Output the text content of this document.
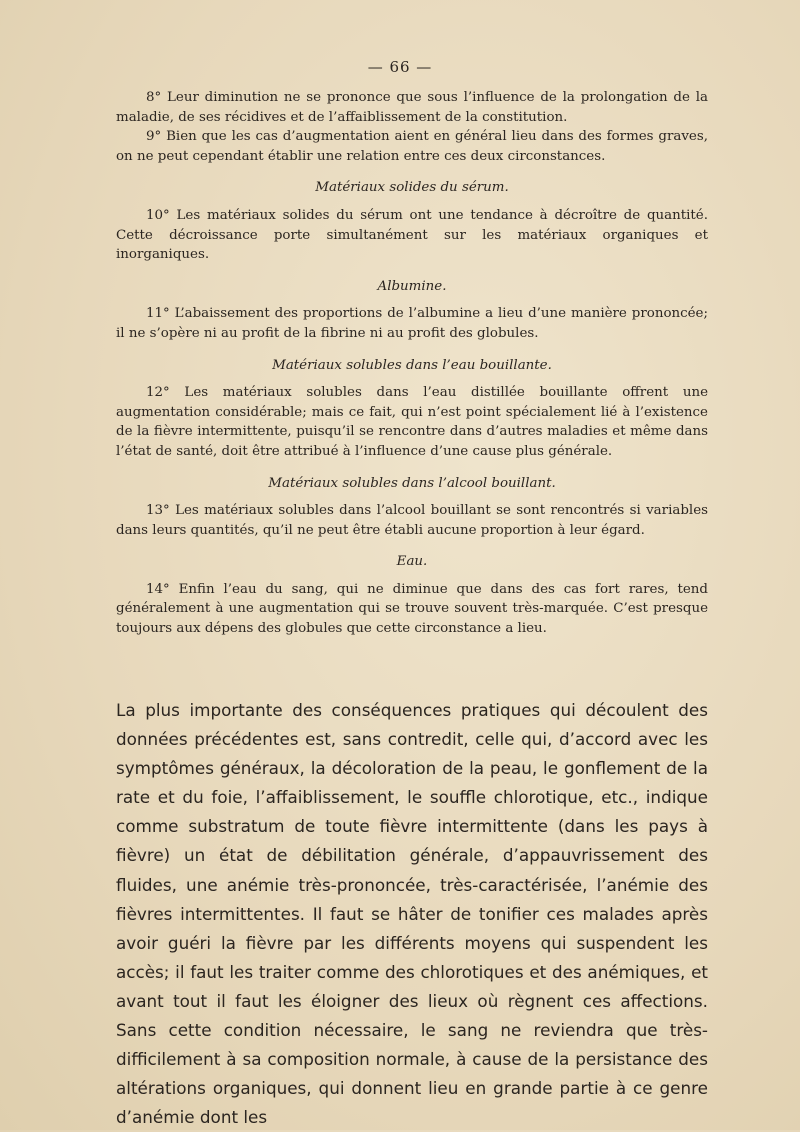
— 66 —

8° Leur diminution ne se prononce que sous l’influence de la prolongation de la maladie, de ses récidives et de l’affaiblissement de la constitution.

9° Bien que les cas d’augmentation aient en général lieu dans des formes graves, on ne peut cependant établir une relation entre ces deux circonstances.

Matériaux solides du sérum.

10° Les matériaux solides du sérum ont une tendance à décroître de quantité. Cette décroissance porte simultanément sur les matériaux organiques et inorganiques.

Albumine.

11° L’abaissement des proportions de l’albumine a lieu d’une manière prononcée; il ne s’opère ni au profit de la fibrine ni au profit des globules.

Matériaux solubles dans l’eau bouillante.

12° Les matériaux solubles dans l’eau distillée bouillante offrent une augmentation considérable; mais ce fait, qui n’est point spécialement lié à l’existence de la fièvre intermittente, puisqu’il se rencontre dans d’autres maladies et même dans l’état de santé, doit être attribué à l’influence d’une cause plus générale.

Matériaux solubles dans l’alcool bouillant.

13° Les matériaux solubles dans l’alcool bouillant se sont rencontrés si variables dans leurs quantités, qu’il ne peut être établi aucune proportion à leur égard.

Eau.

14° Enfin l’eau du sang, qui ne diminue que dans des cas fort rares, tend généralement à une augmentation qui se trouve souvent très-marquée. C’est presque toujours aux dépens des globules que cette circonstance a lieu.

La plus importante des conséquences pratiques qui découlent des données précédentes est, sans contredit, celle qui, d’accord avec les symptômes généraux, la décoloration de la peau, le gonflement de la rate et du foie, l’affaiblissement, le souffle chlorotique, etc., indique comme substratum de toute fièvre intermittente (dans les pays à fièvre) un état de débilitation générale, d’appauvrissement des fluides, une anémie très-prononcée, très-caractérisée, l’anémie des fièvres intermittentes. Il faut se hâter de tonifier ces malades après avoir guéri la fièvre par les différents moyens qui suspendent les accès; il faut les traiter comme des chlorotiques et des anémiques, et avant tout il faut les éloigner des lieux où règnent ces affections. Sans cette condition nécessaire, le sang ne reviendra que très-difficilement à sa composition normale, à cause de la persistance des altérations organiques, qui donnent lieu en grande partie à ce genre d’anémie dont les
